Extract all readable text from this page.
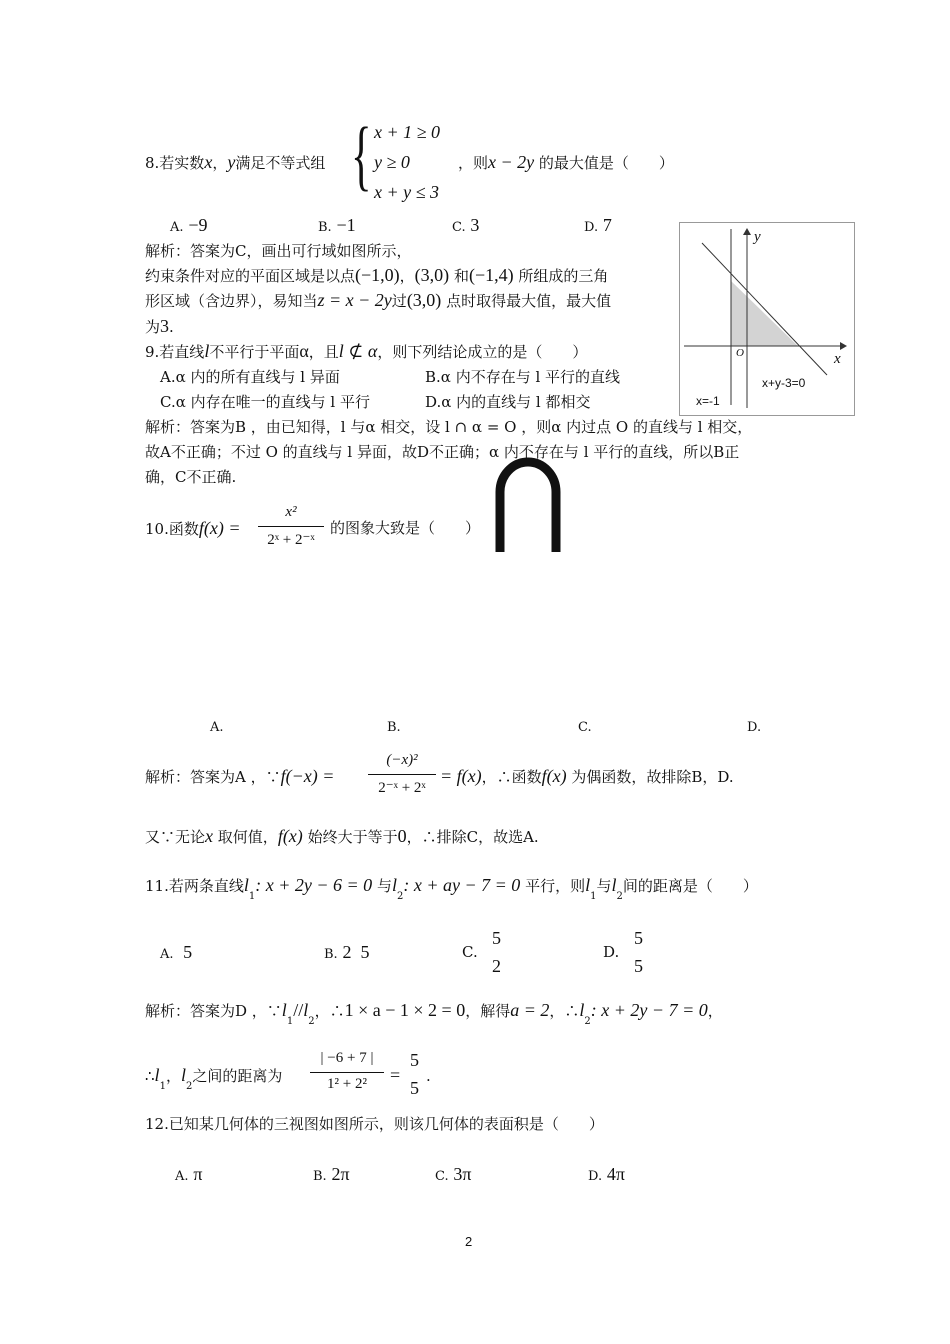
8.若实数x，y满足不等式组 { x + 1 ≥ 0
y ≥ 0
x + y ≤ 3
，则x − 2y 的最大值是（　　）
A. −9	B. −1	C. 3	D. 7
解析：答案为C，画出可行域如图所示，
约束条件对应的平面区域是以点(−1,0)，(3,0) 和(−1,4) 所组成的三角
形区域（含边界），易知当z = x − 2y过(3,0) 点时取得最大值，最大值
为3.
y
x
O
x+y-3=0
x=-1
9.若直线l不平行于平面α，且l ⊄ α，则下列结论成立的是（　　）
A.α 内的所有直线与 l 异面	B.α 内不存在与 l 平行的直线
C.α 内存在唯一的直线与 l 平行	D.α 内的直线与 l 都相交
解析：答案为B ，由已知得，l 与α 相交，设 l ∩ α = O ，则α 内过点 O 的直线与 l 相交，
故A不正确；不过 O 的直线与 l 异面，故D不正确；α 内不存在与 l 平行的直线，所以B正
确，C不正确.
10.函数f(x) =
x²
2ˣ + 2⁻ˣ
的图象大致是（　　）
A.	B.	C.	D.
解析：答案为A ，∵f(−x) =
(−x)²
2⁻ˣ + 2ˣ
= f(x)，∴函数f(x) 为偶函数，故排除B，D.
又∵无论x 取何值，f(x) 始终大于等于0，∴排除C，故选A.
11.若两条直线$l_1$: x + 2y − 6 = 0 与$l_2$: x + ay − 7 = 0 平行，则$l_1$与$l_2$间的距离是（　　）
A. 5	B. 2  5	C.
5
2
D.
5
5
解析：答案为D ，$\because l_1//l_2$，∴1 × a − 1 × 2 = 0，解得a = 2，$\therefore l_2$: x + 2y − 7 = 0，
$\therefore l_1$，$l_2$之间的距离为
| −6 + 7 |
1² + 2²	=
5
5
.
12.已知某几何体的三视图如图所示，则该几何体的表面积是（　　）
A. π	B. 2π	C. 3π	D. 4π
2
